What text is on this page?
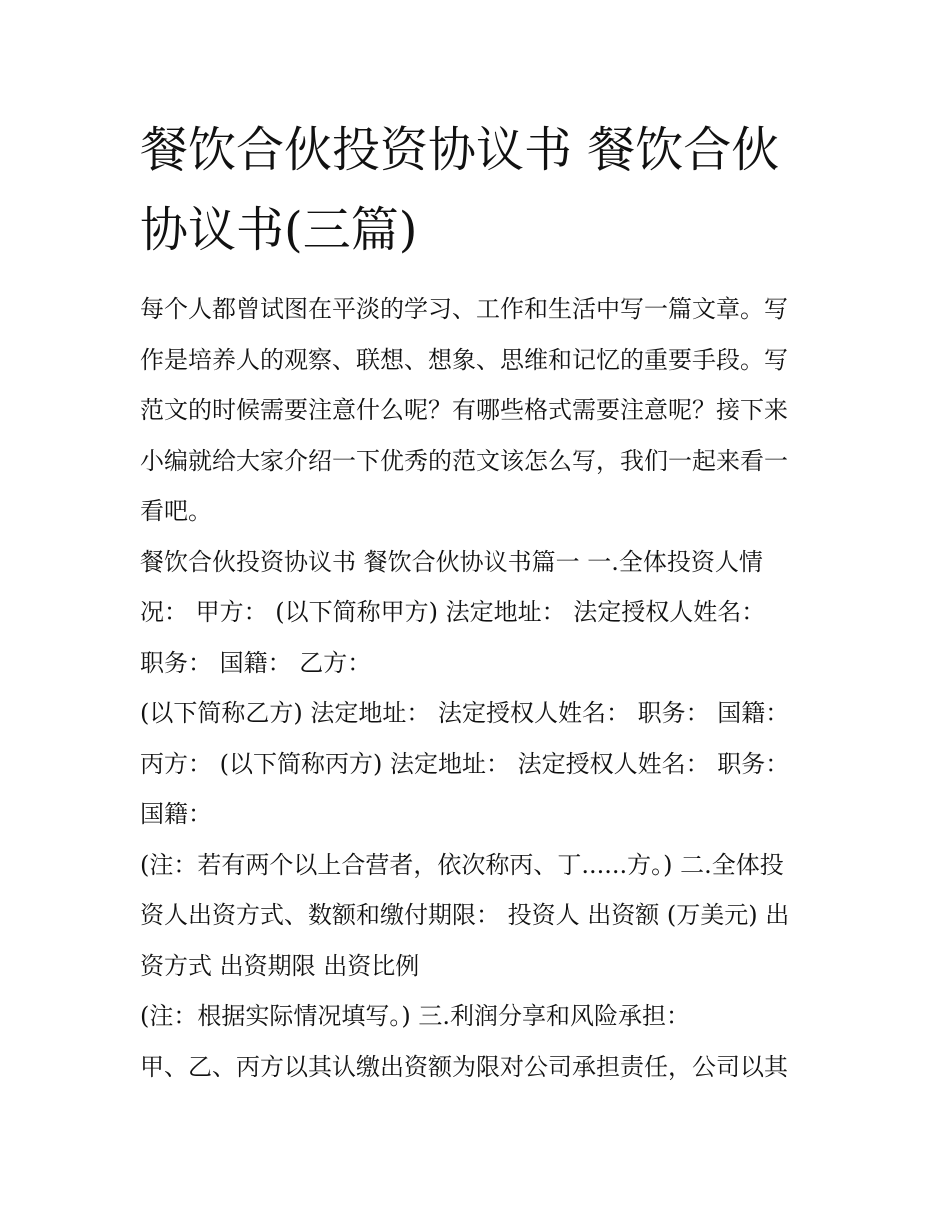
餐饮合伙投资协议书 餐饮合伙
协议书(三篇)
每个人都曾试图在平淡的学习、工作和生活中写一篇文章。写
作是培养人的观察、联想、想象、思维和记忆的重要手段。写
范文的时候需要注意什么呢？有哪些格式需要注意呢？接下来
小编就给大家介绍一下优秀的范文该怎么写，我们一起来看一
看吧。
餐饮合伙投资协议书 餐饮合伙协议书篇一 一.全体投资人情
况： 甲方： (以下简称甲方) 法定地址： 法定授权人姓名：
职务： 国籍： 乙方：
(以下简称乙方) 法定地址： 法定授权人姓名： 职务： 国籍：
丙方： (以下简称丙方) 法定地址： 法定授权人姓名： 职务：
国籍：
(注：若有两个以上合营者，依次称丙、丁......方。) 二.全体投
资人出资方式、数额和缴付期限： 投资人 出资额 (万美元) 出
资方式 出资期限 出资比例
(注：根据实际情况填写。) 三.利润分享和风险承担：
甲、乙、丙方以其认缴出资额为限对公司承担责任，公司以其
